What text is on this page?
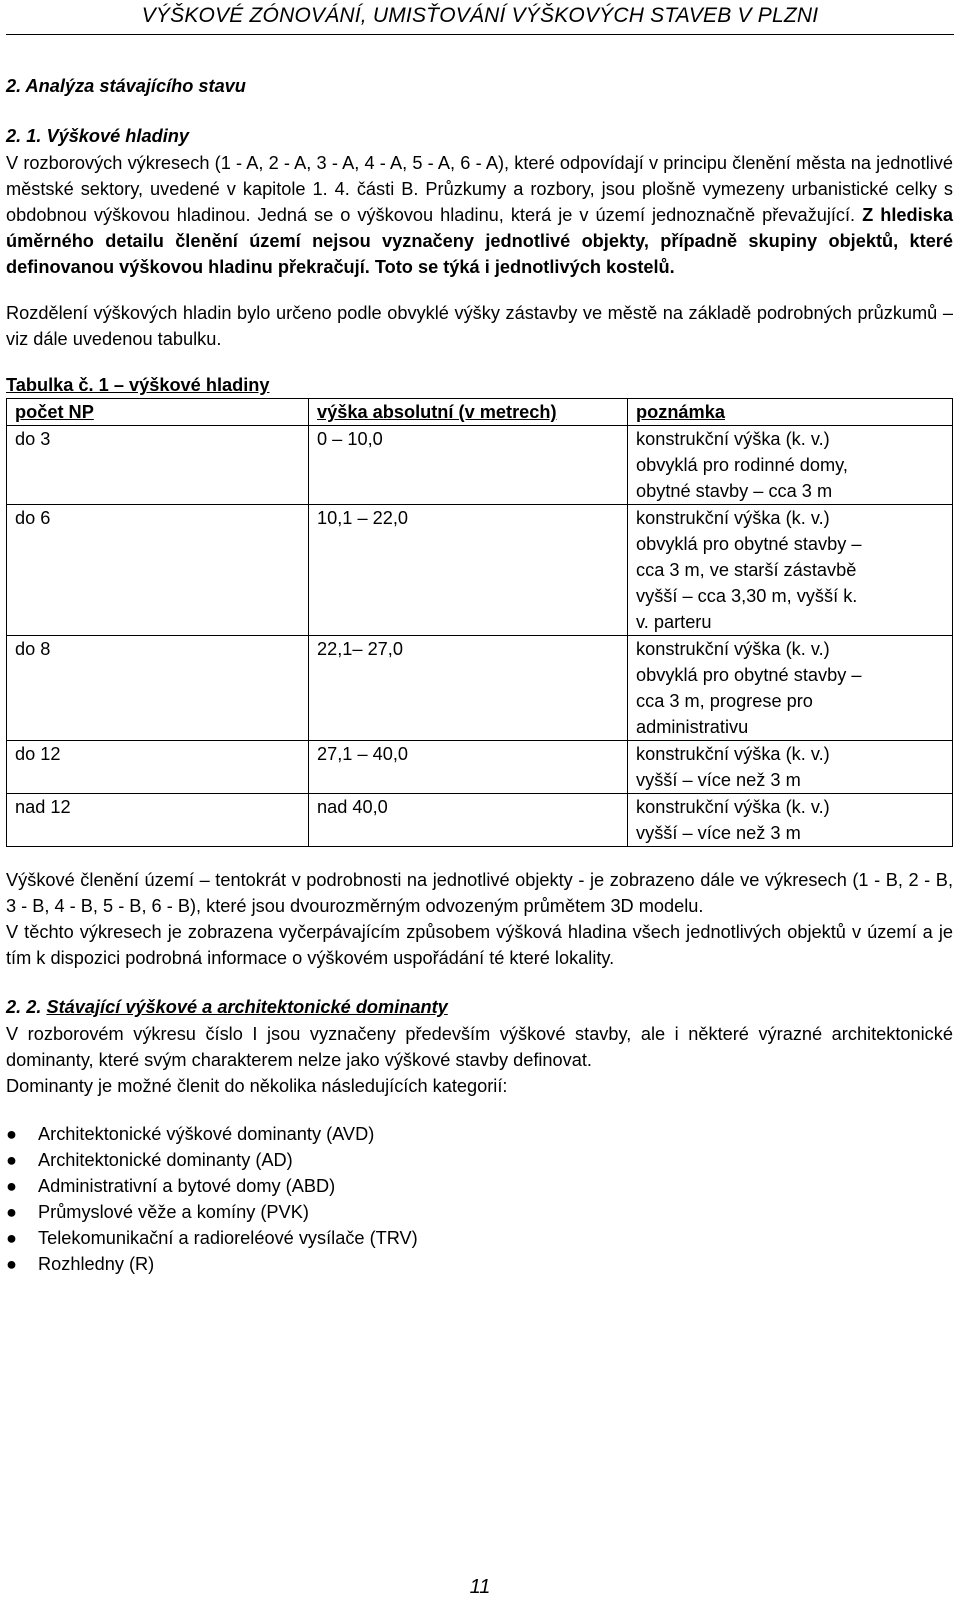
VÝŠKOVÉ ZÓNOVÁNÍ, UMISŤOVÁNÍ VÝŠKOVÝCH STAVEB V PLZNI

2. Analýza stávajícího stavu

2. 1. Výškové hladiny

V rozborových výkresech (1 - A, 2 - A, 3 - A, 4 - A, 5 - A, 6 - A), které odpovídají v principu členění města na jednotlivé městské sektory, uvedené v kapitole 1. 4. části B. Průzkumy a rozbory, jsou plošně vymezeny urbanistické celky s obdobnou výškovou hladinou. Jedná se o výškovou hladinu, která je v území jednoznačně převažující. Z hlediska úměrného detailu členění území nejsou vyznačeny jednotlivé objekty, případně skupiny objektů, které definovanou výškovou hladinu překračují. Toto se týká i jednotlivých kostelů.

Rozdělení výškových hladin bylo určeno podle obvyklé výšky zástavby ve městě na základě podrobných průzkumů – viz dále uvedenou tabulku.

Tabulka č. 1 – výškové hladiny
počet NP	výška absolutní (v metrech)	poznámka
do 3	0 – 10,0	konstrukční výška (k. v.)
obvyklá pro rodinné domy,
obytné stavby – cca 3 m

do 6	10,1 – 22,0	konstrukční výška (k. v.)
obvyklá pro obytné stavby –
cca 3 m, ve starší zástavbě
vyšší – cca 3,30 m, vyšší k.
v. parteru

do 8	22,1– 27,0	konstrukční výška (k. v.)
obvyklá pro obytné stavby –
cca 3 m, progrese pro
administrativu

do 12	27,1 – 40,0	konstrukční výška (k. v.)
vyšší – více než 3 m

nad 12	nad 40,0	konstrukční výška (k. v.)
vyšší – více než 3 m

Výškové členění území – tentokrát v podrobnosti na jednotlivé objekty - je zobrazeno dále ve výkresech (1 - B, 2 - B, 3 - B, 4 - B, 5 - B, 6 - B), které jsou dvourozměrným odvozeným průmětem 3D modelu.

V těchto výkresech je zobrazena vyčerpávajícím způsobem výšková hladina všech jednotlivých objektů v území a je tím k dispozici podrobná informace o výškovém uspořádání té které lokality.

2. 2. Stávající výškové a architektonické dominanty

V rozborovém výkresu číslo I jsou vyznačeny především výškové stavby, ale i některé výrazné architektonické dominanty, které svým charakterem nelze jako výškové stavby definovat.

Dominanty je možné členit do několika následujících kategorií:

● Architektonické výškové dominanty (AVD)
● Architektonické dominanty (AD)
● Administrativní a bytové domy (ABD)
● Průmyslové věže a komíny (PVK)
● Telekomunikační a radioreléové vysílače (TRV)
● Rozhledny (R)
11
